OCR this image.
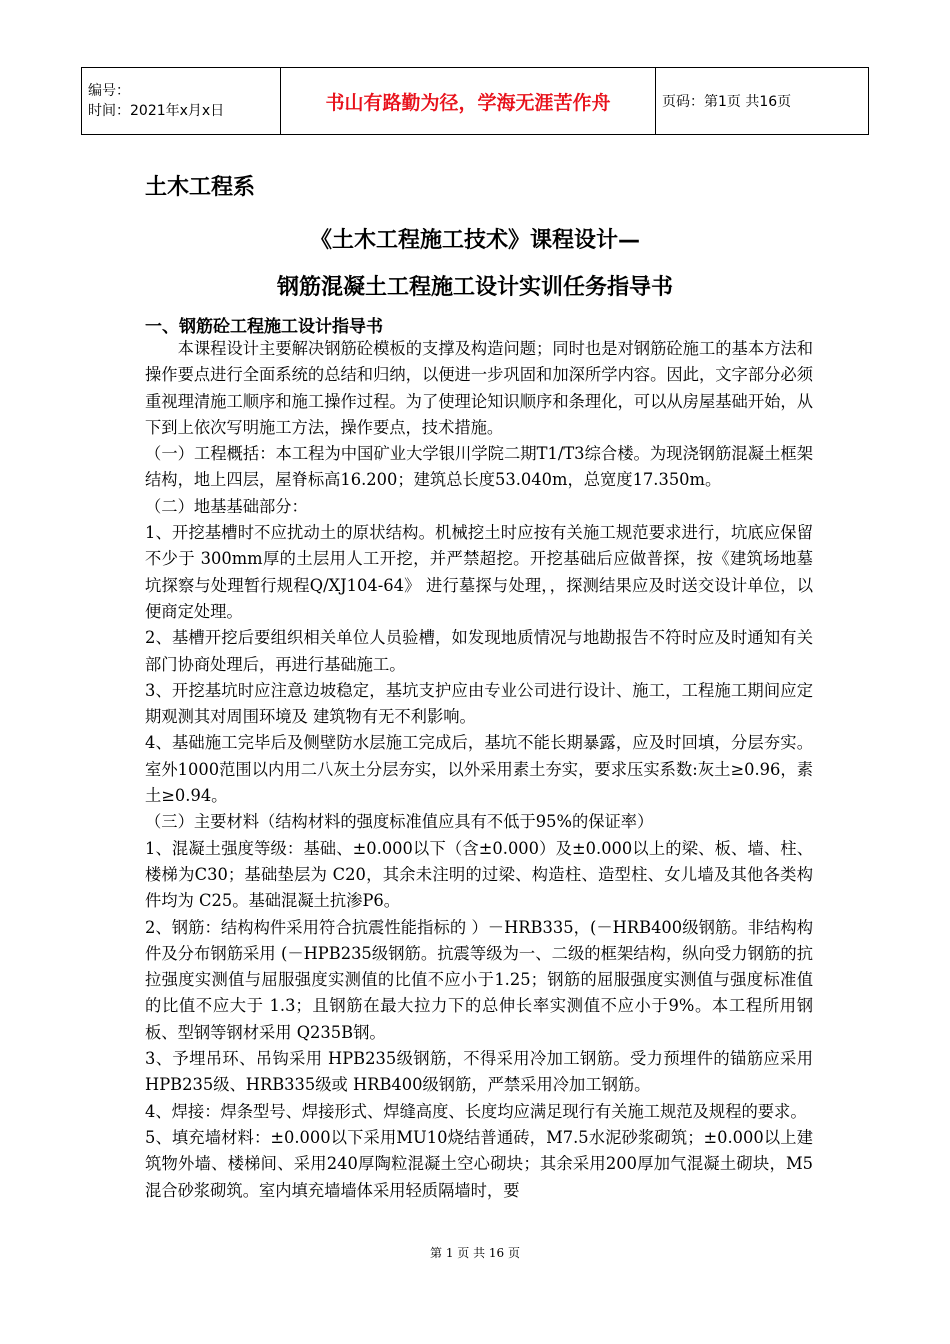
编号：
时间：2021年x月x日	书山有路勤为径，学海无涯苦作舟	页码：第1页 共16页
土木工程系
《土木工程施工技术》课程设计—
钢筋混凝土工程施工设计实训任务指导书
一、钢筋砼工程施工设计指导书

本课程设计主要解决钢筋砼模板的支撑及构造问题；同时也是对钢筋砼施工的基本方法和操作要点进行全面系统的总结和归纳，以便进一步巩固和加深所学内容。因此，文字部分必须重视理清施工顺序和施工操作过程。为了使理论知识顺序和条理化，可以从房屋基础开始，从下到上依次写明施工方法，操作要点，技术措施。

（一）工程概括：本工程为中国矿业大学银川学院二期T1/T3综合楼。为现浇钢筋混凝土框架结构，地上四层，屋脊标高16.200；建筑总长度53.040m，总宽度17.350m。

（二）地基基础部分：

1、开挖基槽时不应扰动土的原状结构。机械挖土时应按有关施工规范要求进行，坑底应保留不少于 300mm厚的土层用人工开挖，并严禁超挖。开挖基础后应做普探，按《建筑场地墓坑探察与处理暂行规程Q/XJ104-64》 进行墓探与处理，，探测结果应及时送交设计单位，以便商定处理。

2、基槽开挖后要组织相关单位人员验槽，如发现地质情况与地勘报告不符时应及时通知有关部门协商处理后，再进行基础施工。

3、开挖基坑时应注意边坡稳定，基坑支护应由专业公司进行设计、施工，工程施工期间应定期观测其对周围环境及 建筑物有无不利影响。

4、基础施工完毕后及侧壁防水层施工完成后，基坑不能长期暴露，应及时回填，分层夯实。室外1000范围以内用二八灰土分层夯实，以外采用素土夯实，要求压实系数:灰土≥0.96，素土≥0.94。

（三）主要材料（结构材料的强度标准值应具有不低于95%的保证率）

1、混凝土强度等级：基础、±0.000以下（含±0.000）及±0.000以上的梁、板、墙、柱、楼梯为C30；基础垫层为 C20，其余未注明的过梁、构造柱、造型柱、女儿墙及其他各类构件均为 C25。基础混凝土抗渗P6。

2、钢筋：结构构件采用符合抗震性能指标的 ）－HRB335，(－HRB400级钢筋。非结构构件及分布钢筋采用 (－HPB235级钢筋。抗震等级为一、二级的框架结构，纵向受力钢筋的抗拉强度实测值与屈服强度实测值的比值不应小于1.25；钢筋的屈服强度实测值与强度标准值的比值不应大于 1.3；且钢筋在最大拉力下的总伸长率实测值不应小于9%。本工程所用钢板、型钢等钢材采用 Q235B钢。

3、予埋吊环、吊钩采用 HPB235级钢筋，不得采用冷加工钢筋。受力预埋件的锚筋应采用 HPB235级、HRB335级或 HRB400级钢筋，严禁采用冷加工钢筋。

4、焊接：焊条型号、焊接形式、焊缝高度、长度均应满足现行有关施工规范及规程的要求。

5、填充墙材料：±0.000以下采用MU10烧结普通砖，M7.5水泥砂浆砌筑；±0.000以上建筑物外墙、楼梯间、采用240厚陶粒混凝土空心砌块；其余采用200厚加气混凝土砌块，M5混合砂浆砌筑。室内填充墙墙体采用轻质隔墙时，要

第 1 页 共 16 页
